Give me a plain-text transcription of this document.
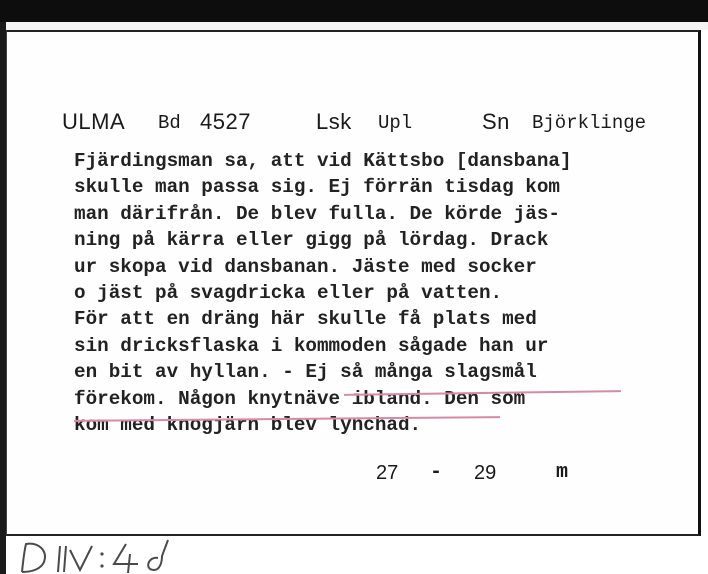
ULMA Bd 4527	Lsk Upl	Sn Björklinge
Fjärdingsman sa, att vid Kättsbo [dansbana]
skulle man passa sig. Ej förrän tisdag kom
man därifrån. De blev fulla. De körde jäs-
ning på kärra eller gigg på lördag. Drack
ur skopa vid dansbanan. Jäste med socker
o jäst på svagdricka eller på vatten.
För att en dräng här skulle få plats med
sin dricksflaska i kommoden sågade han ur
en bit av hyllan. - Ej så många slagsmål
förekom. Någon knytnäve ibland. Den som
kom med knogjärn blev lynchad.
27 - 29	m
